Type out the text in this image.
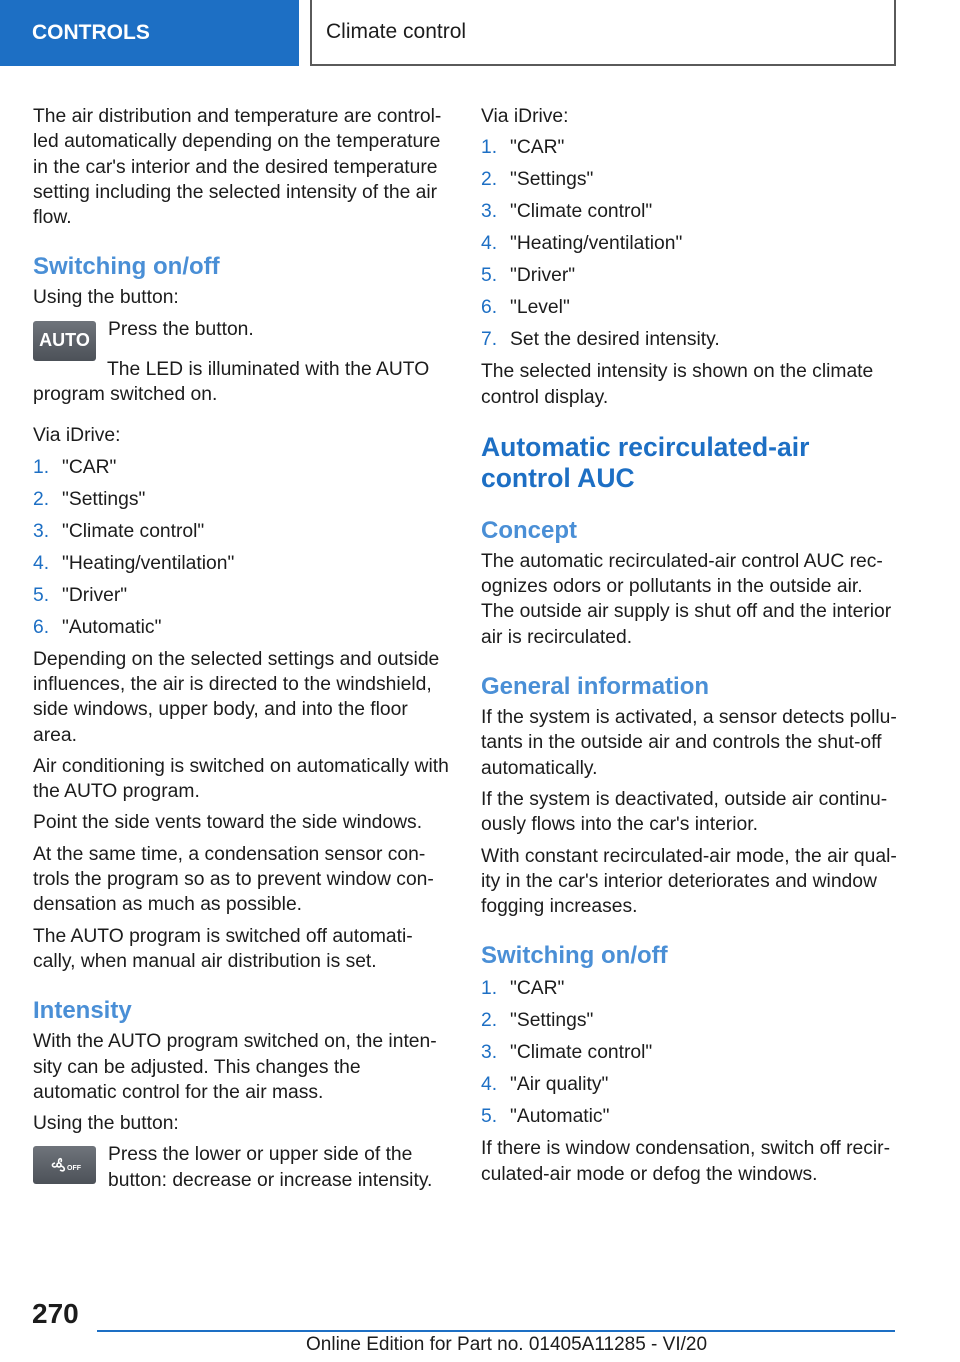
CONTROLS	Climate control

The air distribution and temperature are control-led automatically depending on the temperature in the car's interior and the desired temperature setting including the selected intensity of the air flow.

Switching on/off

Using the button:

AUTO

Press the button.

The LED is illuminated with the AUTO program switched on.

Via iDrive:

1. "CAR"
2. "Settings"
3. "Climate control"
4. "Heating/ventilation"
5. "Driver"
6. "Automatic"

Depending on the selected settings and outside influences, the air is directed to the windshield, side windows, upper body, and into the floor area.

Air conditioning is switched on automatically with the AUTO program.

Point the side vents toward the side windows.

At the same time, a condensation sensor con-trols the program so as to prevent window con-densation as much as possible.

The AUTO program is switched off automati-cally, when manual air distribution is set.

Intensity

With the AUTO program switched on, the inten-sity can be adjusted. This changes the automatic control for the air mass.

Using the button:

OFF

Press the lower or upper side of the button: decrease or increase intensity.

Via iDrive:

1. "CAR"
2. "Settings"
3. "Climate control"
4. "Heating/ventilation"
5. "Driver"
6. "Level"
7. Set the desired intensity.

The selected intensity is shown on the climate control display.

Automatic recirculated-air control AUC
Concept

The automatic recirculated-air control AUC rec-ognizes odors or pollutants in the outside air. The outside air supply is shut off and the interior air is recirculated.

General information

If the system is activated, a sensor detects pollu-tants in the outside air and controls the shut-off automatically.

If the system is deactivated, outside air continu-ously flows into the car's interior.

With constant recirculated-air mode, the air qual-ity in the car's interior deteriorates and window fogging increases.

Switching on/off
1. "CAR"
2. "Settings"
3. "Climate control"
4. "Air quality"
5. "Automatic"

If there is window condensation, switch off recir-culated-air mode or defog the windows.

270
Online Edition for Part no. 01405A11285 - VI/20
